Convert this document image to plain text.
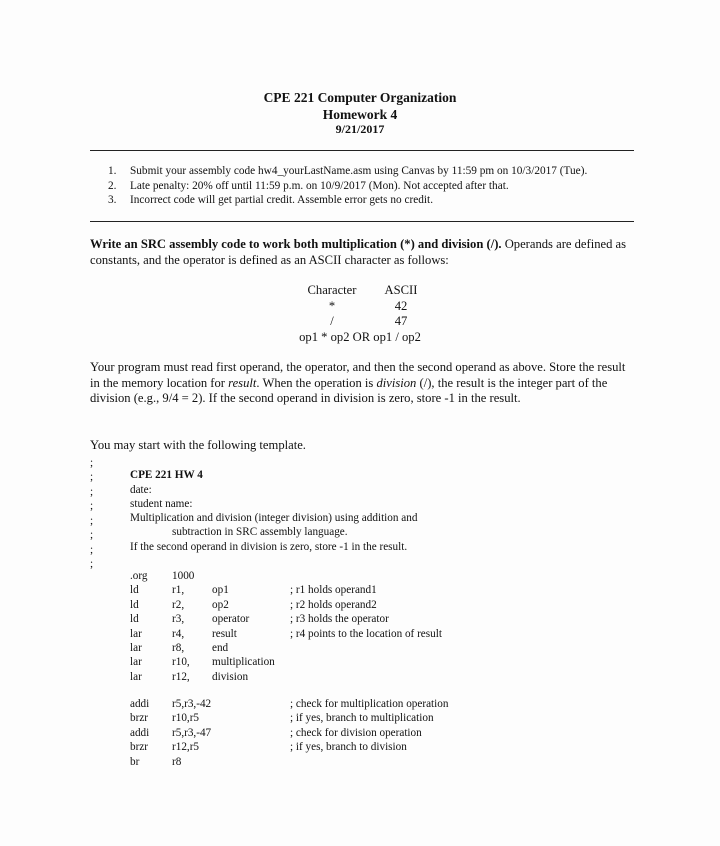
CPE 221 Computer Organization
Homework 4
9/21/2017
1.	Submit your assembly code hw4_yourLastName.asm using Canvas by 11:59 pm on 10/3/2017 (Tue).
2.	Late penalty: 20% off until 11:59 p.m. on 10/9/2017 (Mon). Not accepted after that.
3.	Incorrect code will get partial credit. Assemble error gets no credit.
Write an SRC assembly code to work both multiplication (*) and division (/). Operands are defined as constants, and the operator is defined as an ASCII character as follows:
Character	ASCII
*	42
/	47
op1 * op2 OR op1 / op2
Your program must read first operand, the operator, and then the second operand as above. Store the result in the memory location for result. When the operation is division (/), the result is the integer part of the division (e.g., 9/4 = 2). If the second operand in division is zero, store -1 in the result.
You may start with the following template.
;
;
;
;
;
;
;
;
CPE 221 HW 4
date:
student name:
Multiplication and division (integer division) using addition and
subtraction in SRC assembly language.
If the second operand in division is zero, store -1 in the result.
.org 1000
ld	r1, op1	; r1 holds operand1
ld	r2, op2	; r2 holds operand2
ld	r3, operator	; r3 holds the operator
lar	r4, result	; r4 points to the location of result
lar	r8, end
lar	r10, multiplication
lar	r12, division
addi r5,r3,-42	; check for multiplication operation
brzr r10,r5	; if yes, branch to multiplication
addi r5,r3,-47	; check for division operation
brzr r12,r5	; if yes, branch to division
br	r8
